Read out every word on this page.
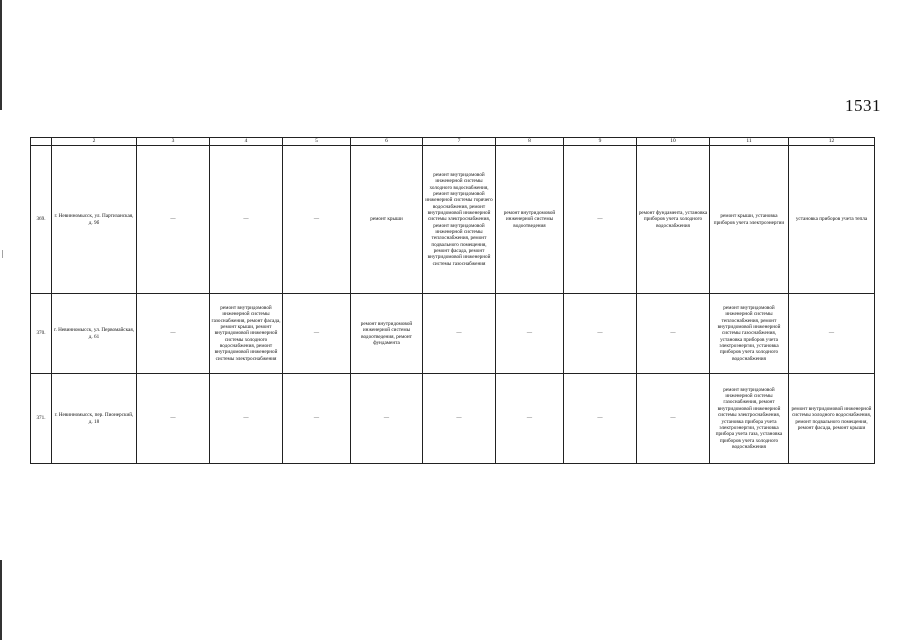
|
1531
	2	3	4	5	6	7	8	9	10	11	12
369.	г. Невинномысск, ул. Партизанская, д. 9б	—	—	—	ремонт крыши	ремонт внутридомовой инженерной системы холодного водоснабжения, ремонт внутридомовой инженерной системы горячего водоснабжения, ремонт внутридомовой инженерной системы электроснабжения, ремонт внутридомовой инженерной системы теплоснабжения, ремонт подвального помещения, ремонт фасада, ремонт внутридомовой инженерной системы газоснабжения	ремонт внутридомовой инженерной системы водоотведения	—	ремонт фундамента, установка приборов учета холодного водоснабжения	ремонт крыши, установка приборов учета электроэнергии	установка приборов учета тепла
370.	г. Невинномысск, ул. Первомайская, д. 61	—	ремонт внутридомовой инженерной системы газоснабжения, ремонт фасада, ремонт крыши, ремонт внутридомовой инженерной системы холодного водоснабжения, ремонт внутридомовой инженерной системы электроснабжения	—	ремонт внутридомовой инженерной системы водоотведения, ремонт фундамента	—	—	—	—	ремонт внутридомовой инженерной системы теплоснабжения, ремонт внутридомовой инженерной системы газоснабжения, установка приборов учета электроэнергии, установка приборов учета холодного водоснабжения	—
371.	г. Невинномысск, пер. Пионерский, д. 18	—	—	—	—	—	—	—	—	ремонт внутридомовой инженерной системы газоснабжения, ремонт внутридомовой инженерной системы электроснабжения, установка прибора учета электроэнергии, установка прибора учета газа, установка приборов учета холодного водоснабжения	ремонт внутридомовой инженерной системы холодного водоснабжения, ремонт подвального помещения, ремонт фасада, ремонт крыши
